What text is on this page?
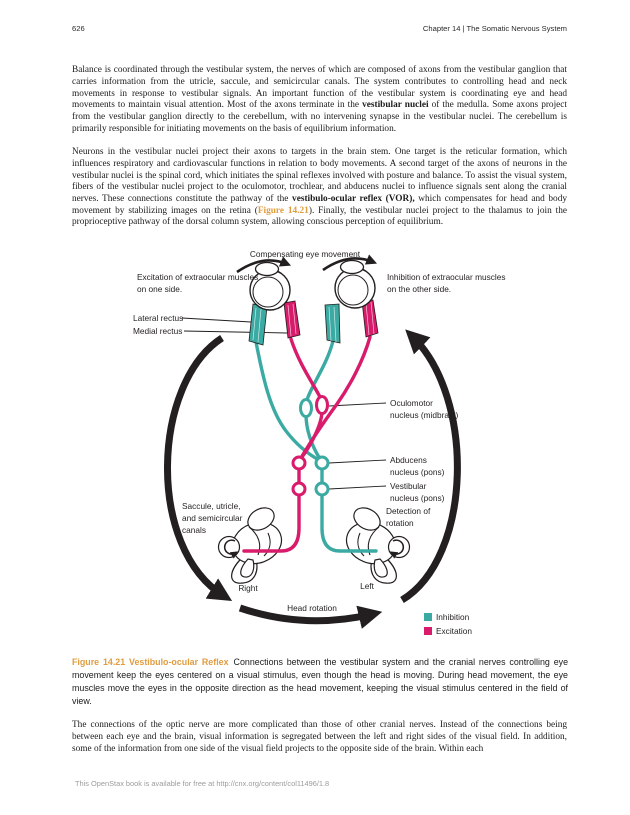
626	Chapter 14 | The Somatic Nervous System

Balance is coordinated through the vestibular system, the nerves of which are composed of axons from the vestibular ganglion that carries information from the utricle, saccule, and semicircular canals. The system contributes to controlling head and neck movements in response to vestibular signals. An important function of the vestibular system is coordinating eye and head movements to maintain visual attention. Most of the axons terminate in the vestibular nuclei of the medulla. Some axons project from the vestibular ganglion directly to the cerebellum, with no intervening synapse in the vestibular nuclei. The cerebellum is primarily responsible for initiating movements on the basis of equilibrium information.

Neurons in the vestibular nuclei project their axons to targets in the brain stem. One target is the reticular formation, which influences respiratory and cardiovascular functions in relation to body movements. A second target of the axons of neurons in the vestibular nuclei is the spinal cord, which initiates the spinal reflexes involved with posture and balance. To assist the visual system, fibers of the vestibular nuclei project to the oculomotor, trochlear, and abducens nuclei to influence signals sent along the cranial nerves. These connections constitute the pathway of the vestibulo-ocular reflex (VOR), which compensates for head and body movement by stabilizing images on the retina (Figure 14.21). Finally, the vestibular nuclei project to the thalamus to join the proprioceptive pathway of the dorsal column system, allowing conscious perception of equilibrium.

Inhibition
Excitation
Compensating eye movement
Excitation of extraocular muscles
on one side.
Inhibition of extraocular muscles
on the other side.
Lateral rectus
Medial rectus
Oculomotor
nucleus (midbrain)
Abducens
nucleus (pons)
Vestibular
nucleus (pons)
Detection of
rotation
Saccule, utricle,
and semicircular
canals
Right	Left
Head rotation

Figure 14.21 Vestibulo-ocular Reflex Connections between the vestibular system and the cranial nerves controlling eye movement keep the eyes centered on a visual stimulus, even though the head is moving. During head movement, the eye muscles move the eyes in the opposite direction as the head movement, keeping the visual stimulus centered in the field of view.

The connections of the optic nerve are more complicated than those of other cranial nerves. Instead of the connections being between each eye and the brain, visual information is segregated between the left and right sides of the visual field. In addition, some of the information from one side of the visual field projects to the opposite side of the brain. Within each

This OpenStax book is available for free at http://cnx.org/content/col11496/1.8
